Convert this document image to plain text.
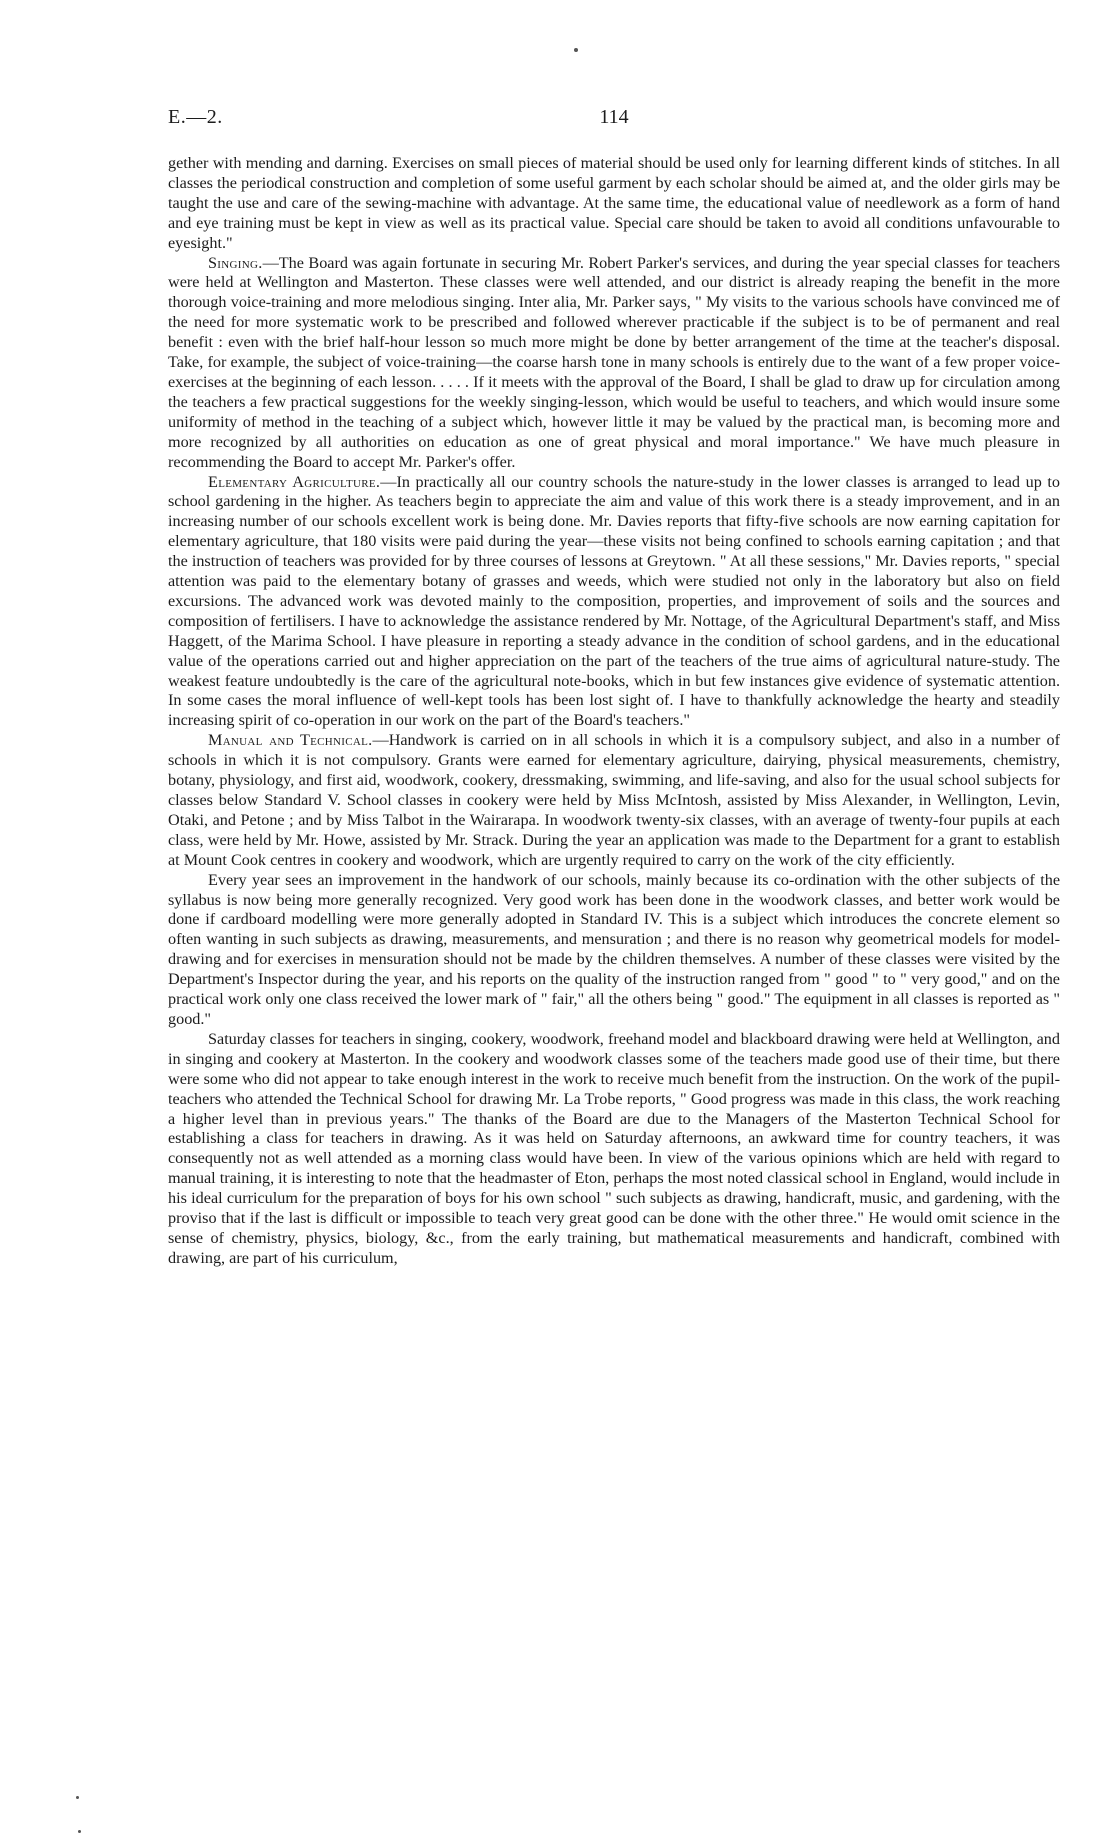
E.—2.	114

gether with mending and darning. Exercises on small pieces of material should be used only for learning different kinds of stitches. In all classes the periodical construction and completion of some useful garment by each scholar should be aimed at, and the older girls may be taught the use and care of the sewing-machine with advantage. At the same time, the educational value of needlework as a form of hand and eye training must be kept in view as well as its practical value. Special care should be taken to avoid all conditions unfavourable to eyesight."

Singing.—The Board was again fortunate in securing Mr. Robert Parker's services, and during the year special classes for teachers were held at Wellington and Masterton. These classes were well attended, and our district is already reaping the benefit in the more thorough voice-training and more melodious singing. Inter alia, Mr. Parker says, " My visits to the various schools have convinced me of the need for more systematic work to be prescribed and followed wherever practicable if the subject is to be of permanent and real benefit : even with the brief half-hour lesson so much more might be done by better arrangement of the time at the teacher's disposal. Take, for example, the subject of voice-training—the coarse harsh tone in many schools is entirely due to the want of a few proper voice-exercises at the beginning of each lesson. . . . . If it meets with the approval of the Board, I shall be glad to draw up for circulation among the teachers a few practical suggestions for the weekly singing-lesson, which would be useful to teachers, and which would insure some uniformity of method in the teaching of a subject which, however little it may be valued by the practical man, is becoming more and more recognized by all authorities on education as one of great physical and moral importance." We have much pleasure in recommending the Board to accept Mr. Parker's offer.

Elementary Agriculture.—In practically all our country schools the nature-study in the lower classes is arranged to lead up to school gardening in the higher. As teachers begin to appreciate the aim and value of this work there is a steady improvement, and in an increasing number of our schools excellent work is being done. Mr. Davies reports that fifty-five schools are now earning capitation for elementary agriculture, that 180 visits were paid during the year—these visits not being confined to schools earning capitation ; and that the instruction of teachers was provided for by three courses of lessons at Greytown. " At all these sessions," Mr. Davies reports, " special attention was paid to the elementary botany of grasses and weeds, which were studied not only in the laboratory but also on field excursions. The advanced work was devoted mainly to the composition, properties, and improvement of soils and the sources and composition of fertilisers. I have to acknowledge the assistance rendered by Mr. Nottage, of the Agricultural Department's staff, and Miss Haggett, of the Marima School. I have pleasure in reporting a steady advance in the condition of school gardens, and in the educational value of the operations carried out and higher appreciation on the part of the teachers of the true aims of agricultural nature-study. The weakest feature undoubtedly is the care of the agricultural note-books, which in but few instances give evidence of systematic attention. In some cases the moral influence of well-kept tools has been lost sight of. I have to thankfully acknowledge the hearty and steadily increasing spirit of co-operation in our work on the part of the Board's teachers."

Manual and Technical.—Handwork is carried on in all schools in which it is a compulsory subject, and also in a number of schools in which it is not compulsory. Grants were earned for elementary agriculture, dairying, physical measurements, chemistry, botany, physiology, and first aid, woodwork, cookery, dressmaking, swimming, and life-saving, and also for the usual school subjects for classes below Standard V. School classes in cookery were held by Miss McIntosh, assisted by Miss Alexander, in Wellington, Levin, Otaki, and Petone ; and by Miss Talbot in the Wairarapa. In woodwork twenty-six classes, with an average of twenty-four pupils at each class, were held by Mr. Howe, assisted by Mr. Strack. During the year an application was made to the Department for a grant to establish at Mount Cook centres in cookery and woodwork, which are urgently required to carry on the work of the city efficiently.

Every year sees an improvement in the handwork of our schools, mainly because its co-ordination with the other subjects of the syllabus is now being more generally recognized. Very good work has been done in the woodwork classes, and better work would be done if cardboard modelling were more generally adopted in Standard IV. This is a subject which introduces the concrete element so often wanting in such subjects as drawing, measurements, and mensuration ; and there is no reason why geometrical models for model-drawing and for exercises in mensuration should not be made by the children themselves. A number of these classes were visited by the Department's Inspector during the year, and his reports on the quality of the instruction ranged from " good " to " very good," and on the practical work only one class received the lower mark of " fair," all the others being " good." The equipment in all classes is reported as " good."

Saturday classes for teachers in singing, cookery, woodwork, freehand model and blackboard drawing were held at Wellington, and in singing and cookery at Masterton. In the cookery and woodwork classes some of the teachers made good use of their time, but there were some who did not appear to take enough interest in the work to receive much benefit from the instruction. On the work of the pupil-teachers who attended the Technical School for drawing Mr. La Trobe reports, " Good progress was made in this class, the work reaching a higher level than in previous years." The thanks of the Board are due to the Managers of the Masterton Technical School for establishing a class for teachers in drawing. As it was held on Saturday afternoons, an awkward time for country teachers, it was consequently not as well attended as a morning class would have been. In view of the various opinions which are held with regard to manual training, it is interesting to note that the headmaster of Eton, perhaps the most noted classical school in England, would include in his ideal curriculum for the preparation of boys for his own school " such subjects as drawing, handicraft, music, and gardening, with the proviso that if the last is difficult or impossible to teach very great good can be done with the other three." He would omit science in the sense of chemistry, physics, biology, &c., from the early training, but mathematical measurements and handicraft, combined with drawing, are part of his curriculum,
